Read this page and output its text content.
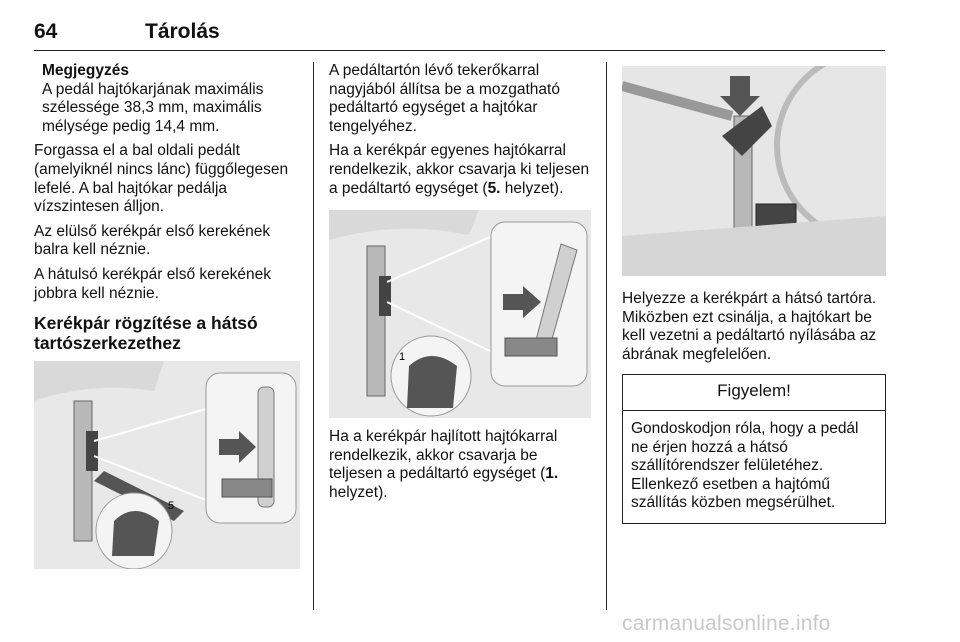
64	Tárolás
Megjegyzés
A pedál hajtókarjának maximális szélessége 38,3 mm, maximális mélysége pedig 14,4 mm.

Forgassa el a bal oldali pedált (amelyiknél nincs lánc) függőlegesen lefelé. A bal hajtókar pedálja vízszintesen álljon.

Az elülső kerékpár első kerekének balra kell néznie.

A hátulsó kerékpár első kerekének jobbra kell néznie.

Kerékpár rögzítése a hátsó tartószerkezethez
5

A pedáltartón lévő tekerőkarral nagyjából állítsa be a mozgatható pedáltartó egységet a hajtókar tengelyéhez.

Ha a kerékpár egyenes hajtókarral rendelkezik, akkor csavarja ki teljesen a pedáltartó egységet (5. helyzet).

1

Ha a kerékpár hajlított hajtókarral rendelkezik, akkor csavarja be teljesen a pedáltartó egységet (1. helyzet).

Helyezze a kerékpárt a hátsó tartóra. Miközben ezt csinálja, a hajtókart be kell vezetni a pedáltartó nyílásába az ábrának megfelelően.

Figyelem!
Gondoskodjon róla, hogy a pedál ne érjen hozzá a hátsó szállítórendszer felületéhez. Ellenkező esetben a hajtómű szállítás közben megsérülhet.
carmanualsonline.info
